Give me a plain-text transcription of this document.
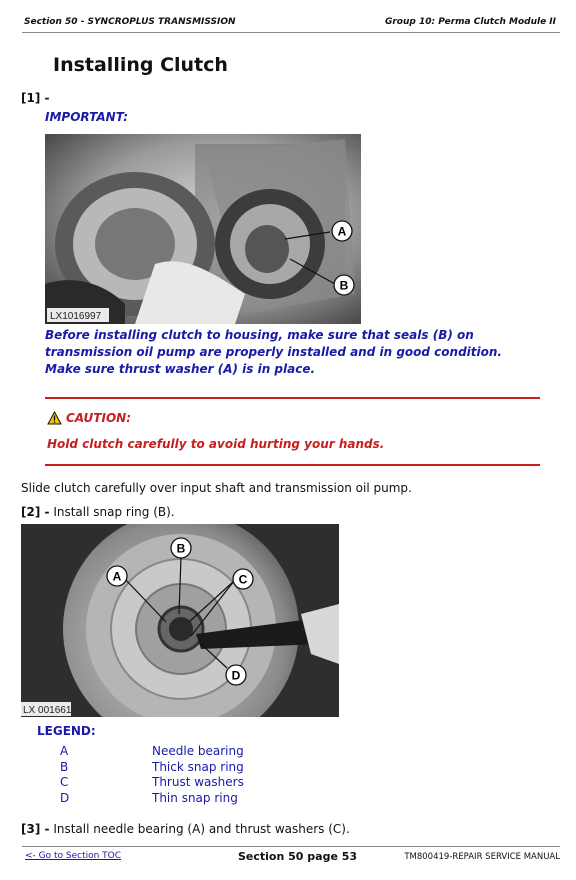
Section 50 - SYNCROPLUS TRANSMISSION	Group 10: Perma Clutch Module II
Installing Clutch
[1] -
IMPORTANT:
A
B
LX1016997
Before installing clutch to housing, make sure that seals (B) on transmission oil pump are properly installed and in good condition. Make sure thrust washer (A) is in place.
CAUTION:
Hold clutch carefully to avoid hurting your hands.
Slide clutch carefully over input shaft and transmission oil pump.
[2] - Install snap ring (B).
B
A	C
D
LX 001661
LEGEND:
A	Needle bearing
B	Thick snap ring
C	Thrust washers
D	Thin snap ring
[3] - Install needle bearing (A) and thrust washers (C).
<- Go to Section TOC	Section 50 page 53	TM800419-REPAIR SERVICE MANUAL
